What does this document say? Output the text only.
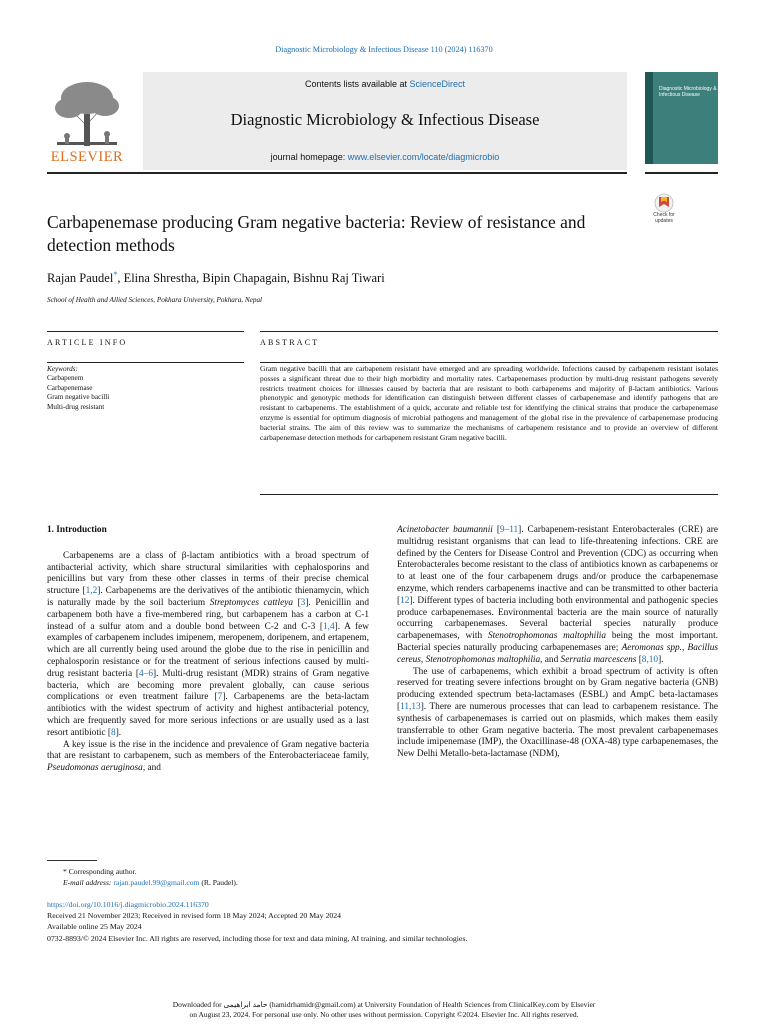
Diagnostic Microbiology & Infectious Disease 110 (2024) 116370
ELSEVIER
Contents lists available at ScienceDirect
Diagnostic Microbiology & Infectious Disease
journal homepage: www.elsevier.com/locate/diagmicrobio
Diagnostic Microbiology & Infectious Disease
Carbapenemase producing Gram negative bacteria: Review of resistance and detection methods
Check for updates
Rajan Paudel*, Elina Shrestha, Bipin Chapagain, Bishnu Raj Tiwari
School of Health and Allied Sciences, Pokhara University, Pokhara, Nepal
ARTICLE INFO	ABSTRACT
Keywords:
Carbapenem
Carbapenemase
Gram negative bacilli
Multi-drug resistant
Gram negative bacilli that are carbapenem resistant have emerged and are spreading worldwide. Infections caused by carbapenem resistant isolates posses a significant threat due to their high morbidity and mortality rates. Carbapenemases production by multi-drug resistant pathogens severely restricts treatment choices for illnesses caused by bacteria that are resistant to both carbapenems and majority of β-lactam antibiotics. Various phenotypic and genotypic methods for identification can distinguish between different classes of carbapenemase and identify pathogens that are resistant to carbapenems. The establishment of a quick, accurate and reliable test for identifying the clinical strains that produce the carbapenemase enzyme is essential for optimum diagnosis of microbial pathogens and management of the global rise in the prevalence of carbapenemase producing bacterial strains. The aim of this review was to summarize the mechanisms of carbapenem resistance and to provide an overview of different carbapenemase detection methods for carbapenem resistant Gram negative bacilli.

1. Introduction

Carbapenems are a class of β-lactam antibiotics with a broad spectrum of antibacterial activity, which share structural similarities with cephalosporins and penicillins but vary from these other classes in terms of their precise chemical structure [1,2]. Carbapenems are the derivatives of the antibiotic thienamycin, which is naturally made by the soil bacterium Streptomyces cattleya [3]. Penicillin and carbapenem both have a five-membered ring, but carbapenem has a carbon at C-1 instead of a sulfur atom and a double bond between C-2 and C-3 [1,4]. A few examples of carbapenem includes imipenem, meropenem, doripenem, and ertapenem, which are all currently being used around the globe due to the rise in penicillin and cephalosporin resistance or for the treatment of serious infections caused by multi-drug resistant bacteria [4–6]. Multi-drug resistant (MDR) strains of Gram negative bacteria, which are becoming more prevalent globally, can cause serious complications or even treatment failure [7]. Carbapenems are the beta-lactam antibiotics with the widest spectrum of activity and highest antibacterial potency, which are frequently saved for more serious infections or are usually used as a last resort antibiotic [8].

A key issue is the rise in the incidence and prevalence of Gram negative bacteria that are resistant to carbapenem, such as members of the Enterobacteriaceae family, Pseudomonas aeruginosa, and

Acinetobacter baumannii [9–11]. Carbapenem-resistant Enterobacterales (CRE) are multidrug resistant organisms that can lead to life-threatening infections. CRE are defined by the Centers for Disease Control and Prevention (CDC) as occurring when Enterobacterales become resistant to the class of antibiotics known as carbapenems or to at least one of the four carbapenem drugs and/or produce the carbapenemase enzyme, which renders carbapenems inactive and can be transmitted to other bacteria [12]. Different types of bacteria including both environmental and pathogenic species produce carbapenemases. Environmental bacteria are the main source of naturally occurring carbapenemases. Several bacterial species naturally produce carbapenemases, with Stenotrophomonas maltophilia being the most important. Bacterial species naturally producing carbapenemases are; Aeromonas spp., Bacillus cereus, Stenotrophomonas maltophilia, and Serratia marcescens [8,10].

The use of carbapenems, which exhibit a broad spectrum of activity is often reserved for treating severe infections brought on by Gram negative bacteria (GNB) producing extended spectrum beta-lactamases (ESBL) and AmpC beta-lactamases [11,13]. There are numerous processes that can lead to carbapenem resistance. The synthesis of carbapenemases is carried out on plasmids, which makes them easily transferrable to other Gram negative bacteria. The most prevalent carbapenemases include imipenemase (IMP), the Oxacillinase-48 (OXA-48) type carbapenemases, the New Delhi Metallo-beta-lactamase (NDM),

* Corresponding author.
E-mail address: rajan.paudel.99@gmail.com (R. Paudel).
https://doi.org/10.1016/j.diagmicrobio.2024.116370
Received 21 November 2023; Received in revised form 18 May 2024; Accepted 20 May 2024
Available online 25 May 2024
0732-8893/© 2024 Elsevier Inc. All rights are reserved, including those for text and data mining, AI training, and similar technologies.
Downloaded for حامد ابراهیمی (hamidrhamidr@gmail.com) at University Foundation of Health Sciences from ClinicalKey.com by Elsevier
on August 23, 2024. For personal use only. No other uses without permission. Copyright ©2024. Elsevier Inc. All rights reserved.
